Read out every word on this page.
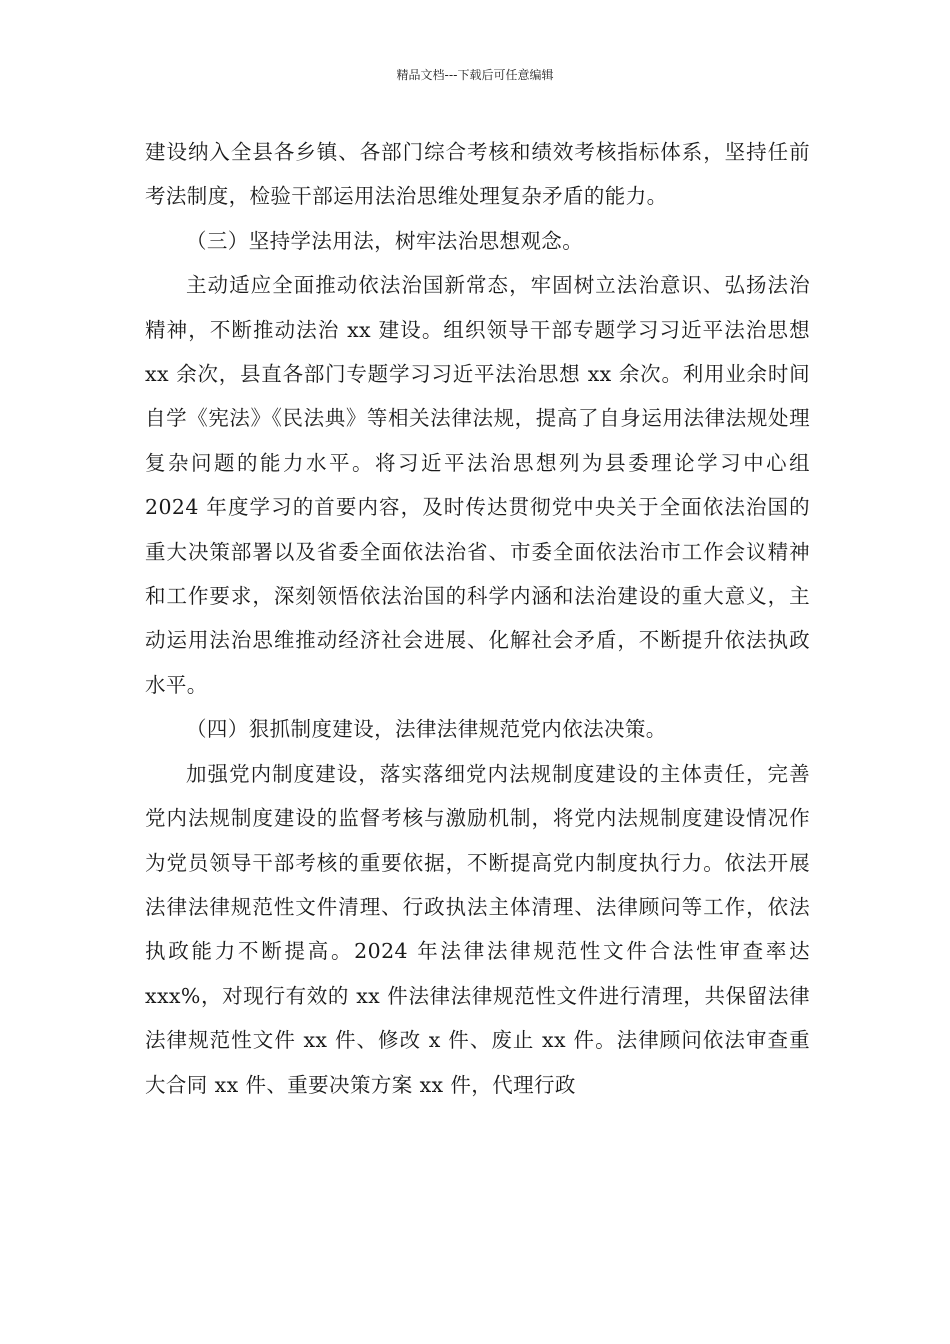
精品文档---下载后可任意编辑

建设纳入全县各乡镇、各部门综合考核和绩效考核指标体系，坚持任前考法制度，检验干部运用法治思维处理复杂矛盾的能力。

（三）坚持学法用法，树牢法治思想观念。

主动适应全面推动依法治国新常态，牢固树立法治意识、弘扬法治精神，不断推动法治 xx 建设。组织领导干部专题学习习近平法治思想 xx 余次，县直各部门专题学习习近平法治思想 xx 余次。利用业余时间自学《宪法》《民法典》等相关法律法规，提高了自身运用法律法规处理复杂问题的能力水平。将习近平法治思想列为县委理论学习中心组 2024 年度学习的首要内容，及时传达贯彻党中央关于全面依法治国的重大决策部署以及省委全面依法治省、市委全面依法治市工作会议精神和工作要求，深刻领悟依法治国的科学内涵和法治建设的重大意义，主动运用法治思维推动经济社会进展、化解社会矛盾，不断提升依法执政水平。

（四）狠抓制度建设，法律法律规范党内依法决策。

加强党内制度建设，落实落细党内法规制度建设的主体责任，完善党内法规制度建设的监督考核与激励机制，将党内法规制度建设情况作为党员领导干部考核的重要依据，不断提高党内制度执行力。依法开展法律法律规范性文件清理、行政执法主体清理、法律顾问等工作，依法执政能力不断提高。2024 年法律法律规范性文件合法性审查率达 xxx%，对现行有效的 xx 件法律法律规范性文件进行清理，共保留法律法律规范性文件 xx 件、修改 x 件、废止 xx 件。法律顾问依法审查重大合同 xx 件、重要决策方案 xx 件，代理行政
